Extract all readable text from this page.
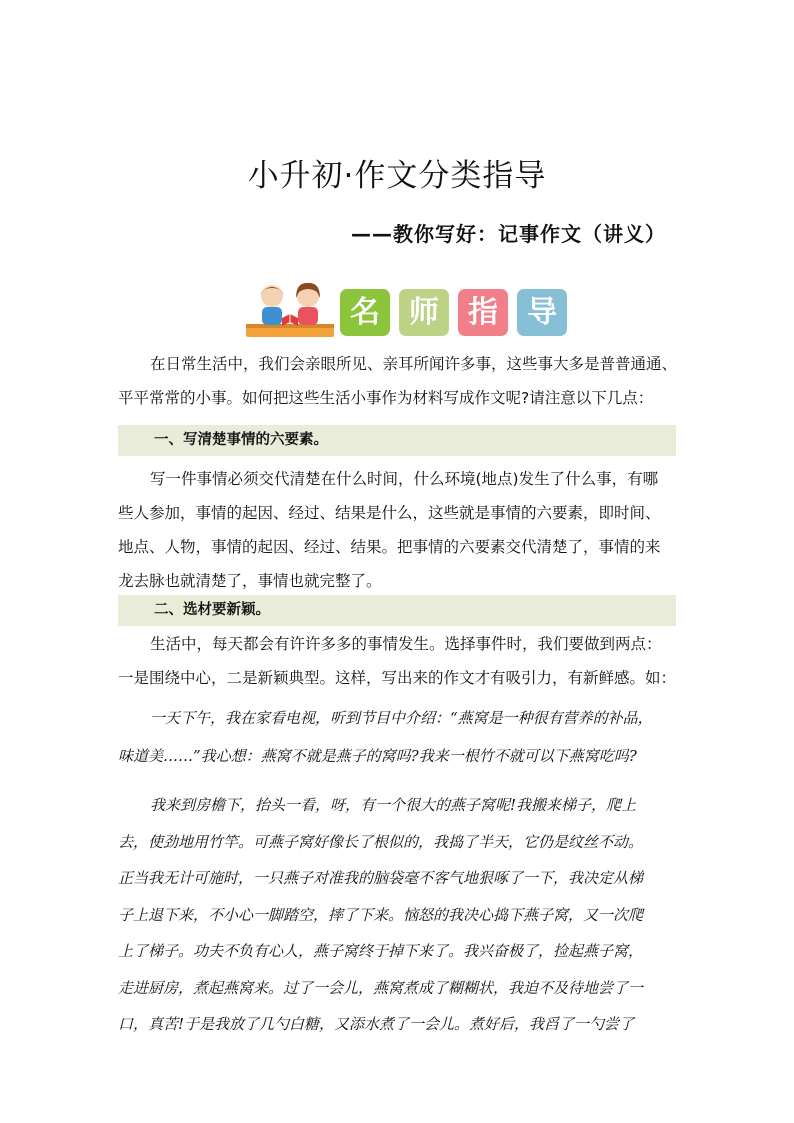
小升初·作文分类指导
——教你写好：记事作文（讲义）
名 师 指 导
在日常生活中，我们会亲眼所见、亲耳所闻许多事，这些事大多是普普通通、
平平常常的小事。如何把这些生活小事作为材料写成作文呢?请注意以下几点：
一、写清楚事情的六要素。
写一件事情必须交代清楚在什么时间，什么环境(地点)发生了什么事，有哪
些人参加，事情的起因、经过、结果是什么，这些就是事情的六要素，即时间、
地点、人物，事情的起因、经过、结果。把事情的六要素交代清楚了，事情的来
龙去脉也就清楚了，事情也就完整了。
二、选材要新颖。
生活中，每天都会有许许多多的事情发生。选择事件时，我们要做到两点：
一是围绕中心，二是新颖典型。这样，写出来的作文才有吸引力，有新鲜感。如：
一天下午，我在家看电视，听到节目中介绍：“燕窝是一种很有营养的补品，
味道美……”我心想：燕窝不就是燕子的窝吗?我来一根竹不就可以下燕窝吃吗?
我来到房檐下，抬头一看，呀，有一个很大的燕子窝呢!我搬来梯子，爬上
去，使劲地用竹竿。可燕子窝好像长了根似的，我捣了半天，它仍是纹丝不动。
正当我无计可施时，一只燕子对准我的脑袋毫不客气地狠啄了一下，我决定从梯
子上退下来，不小心一脚踏空，摔了下来。恼怒的我决心捣下燕子窝，又一次爬
上了梯子。功夫不负有心人，燕子窝终于掉下来了。我兴奋极了，捡起燕子窝，
走进厨房，煮起燕窝来。过了一会儿，燕窝煮成了糊糊状，我迫不及待地尝了一
口，真苦!于是我放了几勺白糖，又添水煮了一会儿。煮好后，我舀了一勺尝了
